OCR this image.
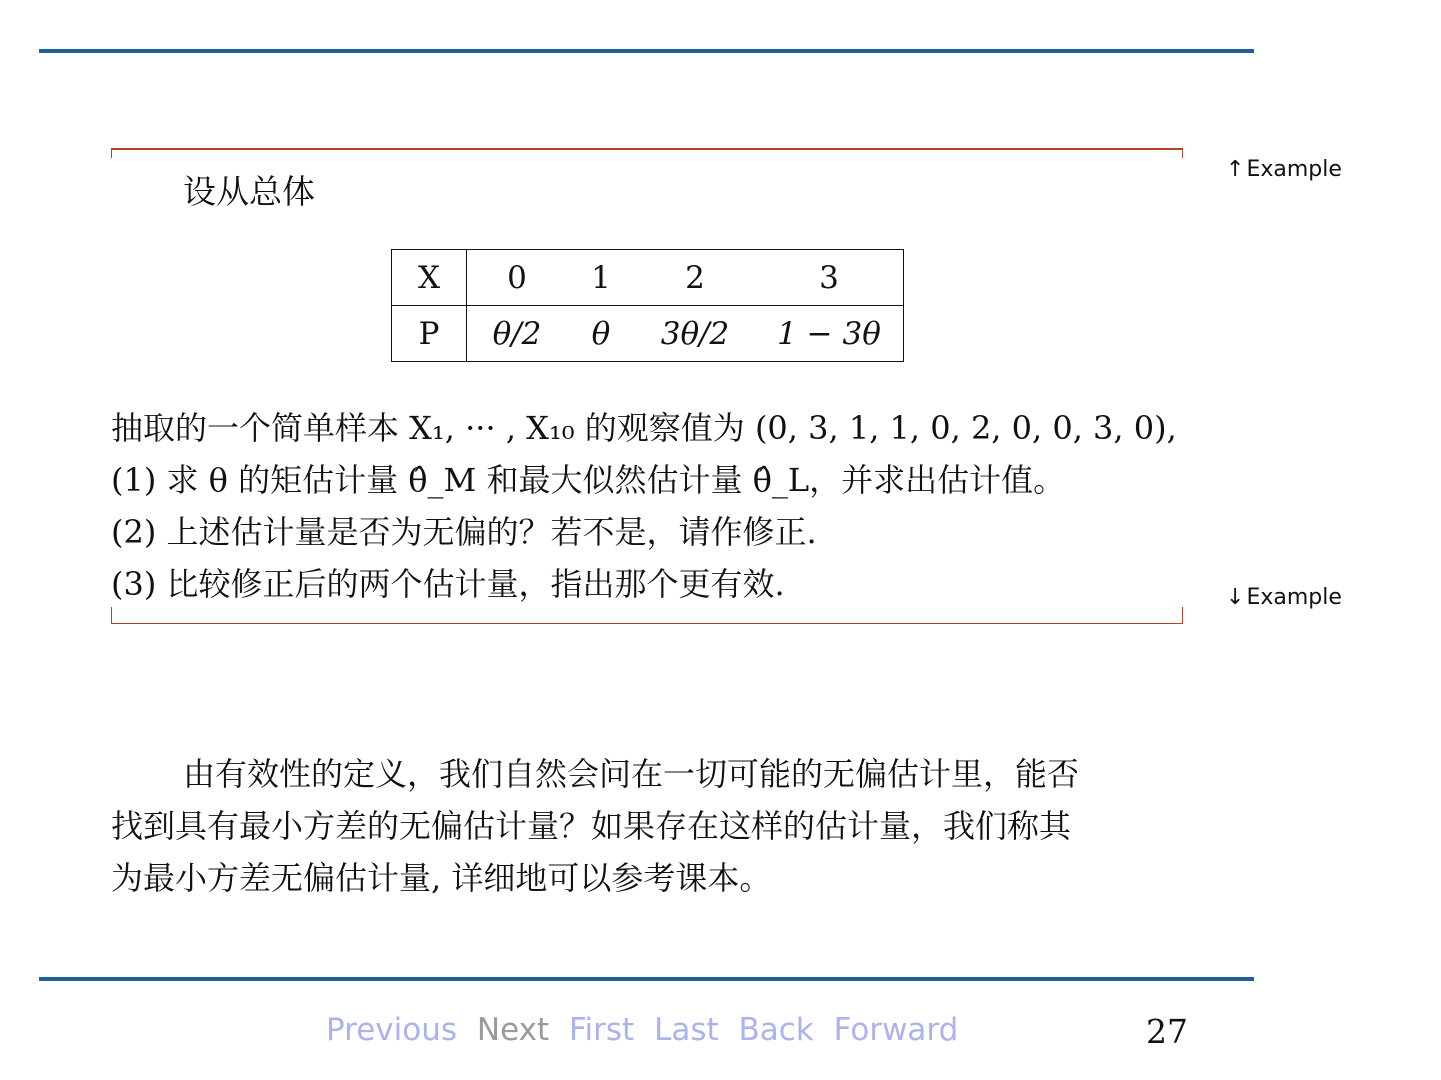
↑Example
↓Example
设从总体
X	0	1	2	3
P	θ/2	θ	3θ/2	1 − 3θ
抽取的一个简单样本 X₁, ··· , X₁₀ 的观察值为 (0, 3, 1, 1, 0, 2, 0, 0, 3, 0),
(1) 求 θ 的矩估计量 θ̂_M 和最大似然估计量 θ̂_L，并求出估计值。
(2) 上述估计量是否为无偏的？若不是，请作修正.
(3) 比较修正后的两个估计量，指出那个更有效.
由有效性的定义，我们自然会问在一切可能的无偏估计里，能否
找到具有最小方差的无偏估计量？如果存在这样的估计量，我们称其
为最小方差无偏估计量, 详细地可以参考课本。
Previous Next First Last Back Forward	27
